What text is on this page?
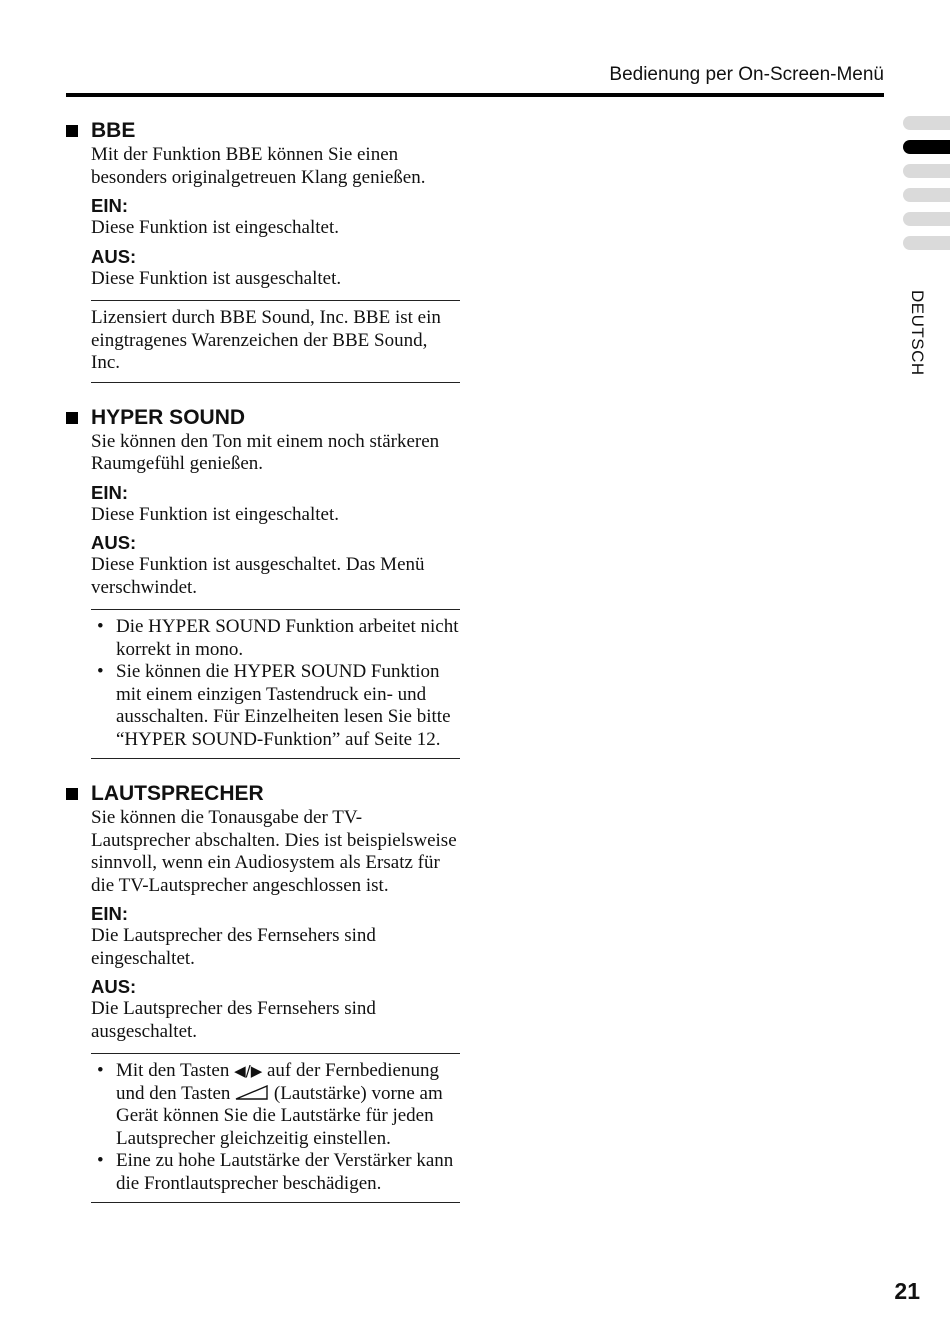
Bedienung per On-Screen-Menü
DEUTSCH
BBE
Mit der Funktion BBE können Sie einen besonders originalgetreuen Klang genießen.
EIN:
Diese Funktion ist eingeschaltet.
AUS:
Diese Funktion ist ausgeschaltet.
Lizensiert durch BBE Sound, Inc. BBE ist ein eingtragenes Warenzeichen der BBE Sound, Inc.
HYPER SOUND
Sie können den Ton mit einem noch stärkeren Raumgefühl genießen.
EIN:
Diese Funktion ist eingeschaltet.
AUS:
Diese Funktion ist ausgeschaltet. Das Menü verschwindet.
• Die HYPER SOUND Funktion arbeitet nicht korrekt in mono.
• Sie können die HYPER SOUND Funktion mit einem einzigen Tastendruck ein- und ausschalten. Für Einzelheiten lesen Sie bitte “HYPER SOUND-Funktion” auf Seite 12.
LAUTSPRECHER
Sie können die Tonausgabe der TV-Lautsprecher abschalten. Dies ist beispielsweise sinnvoll, wenn ein Audiosystem als Ersatz für die TV-Lautsprecher angeschlossen ist.
EIN:
Die Lautsprecher des Fernsehers sind eingeschaltet.
AUS:
Die Lautsprecher des Fernsehers sind ausgeschaltet.
• Mit den Tasten ◀/▶ auf der Fernbedienung und den Tasten (Lautstärke) vorne am Gerät können Sie die Lautstärke für jeden Lautsprecher gleichzeitig einstellen.
• Eine zu hohe Lautstärke der Verstärker kann die Frontlautsprecher beschädigen.
21
